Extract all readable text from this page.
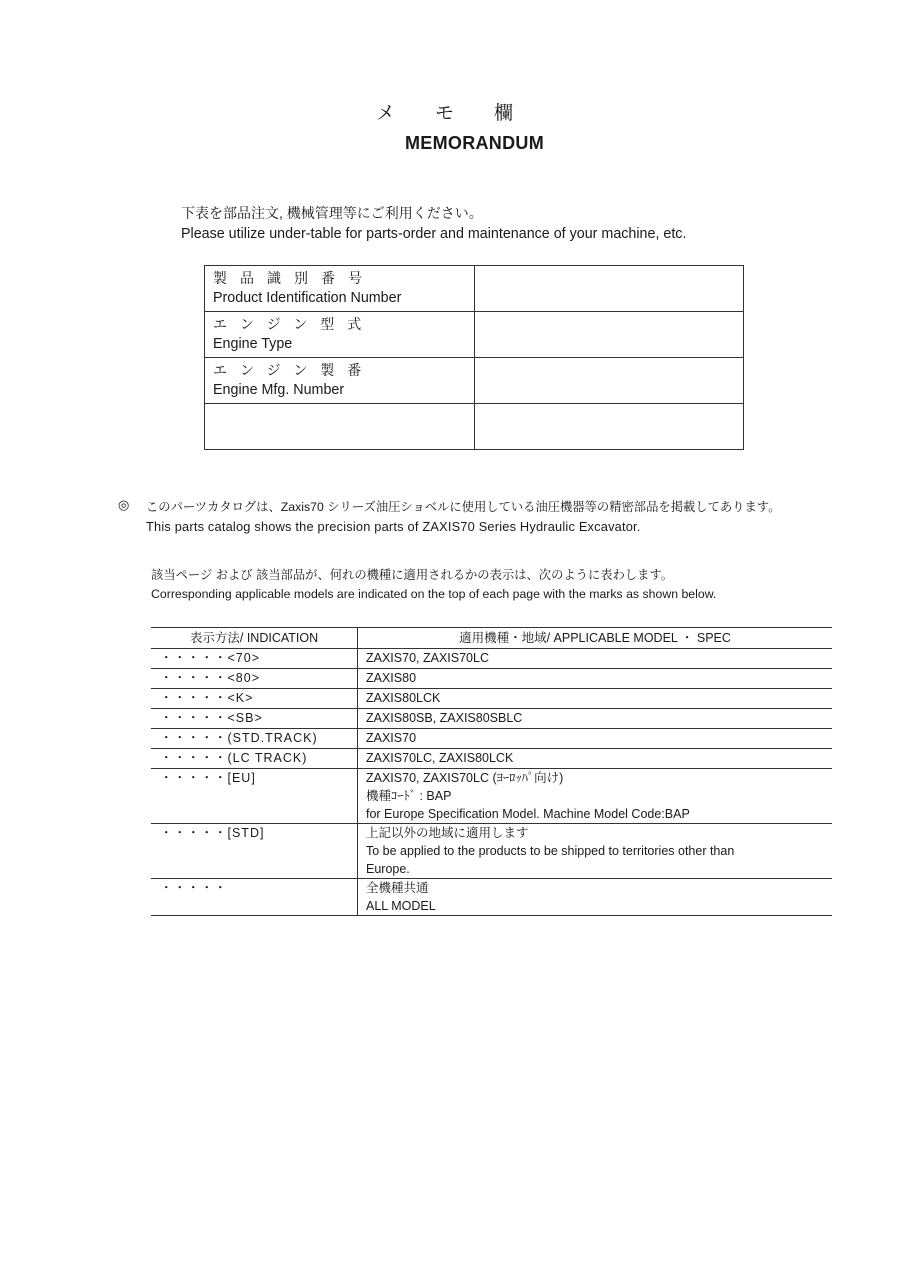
メモ欄
MEMORANDUM
下表を部品注文, 機械管理等にご利用ください。
Please utilize under-table for parts-order and maintenance of your machine, etc.
製品識別番号
Product Identification Number	

エンジン型式
Engine Type	

エンジン製番
Engine Mfg. Number	

◎ このパーツカタログは、Zaxis70 シリーズ油圧ショベルに使用している油圧機器等の精密部品を掲載してあります。
This parts catalog shows the precision parts of ZAXIS70 Series Hydraulic Excavator.
該当ページ および 該当部品が、何れの機種に適用されるかの表示は、次のように表わします。
Corresponding applicable models are indicated on the top of each page with the marks as shown below.
表示方法/ INDICATION	適用機種・地域/ APPLICABLE MODEL ・ SPEC
・・・・・<70>	ZAXIS70, ZAXIS70LC

・・・・・<80>	ZAXIS80

・・・・・<K>	ZAXIS80LCK

・・・・・<SB>	ZAXIS80SB, ZAXIS80SBLC

・・・・・(STD.TRACK)	ZAXIS70

・・・・・(LC TRACK)	ZAXIS70LC, ZAXIS80LCK

・・・・・[EU]	ZAXIS70, ZAXIS70LC (ﾖｰﾛｯﾊﾟ向け)
機種ｺｰﾄﾞ : BAP
for Europe Specification Model. Machine Model Code:BAP

・・・・・[STD]	上記以外の地域に適用します
To be applied to the products to be shipped to territories other than
Europe.

・・・・・	全機種共通
ALL MODEL
